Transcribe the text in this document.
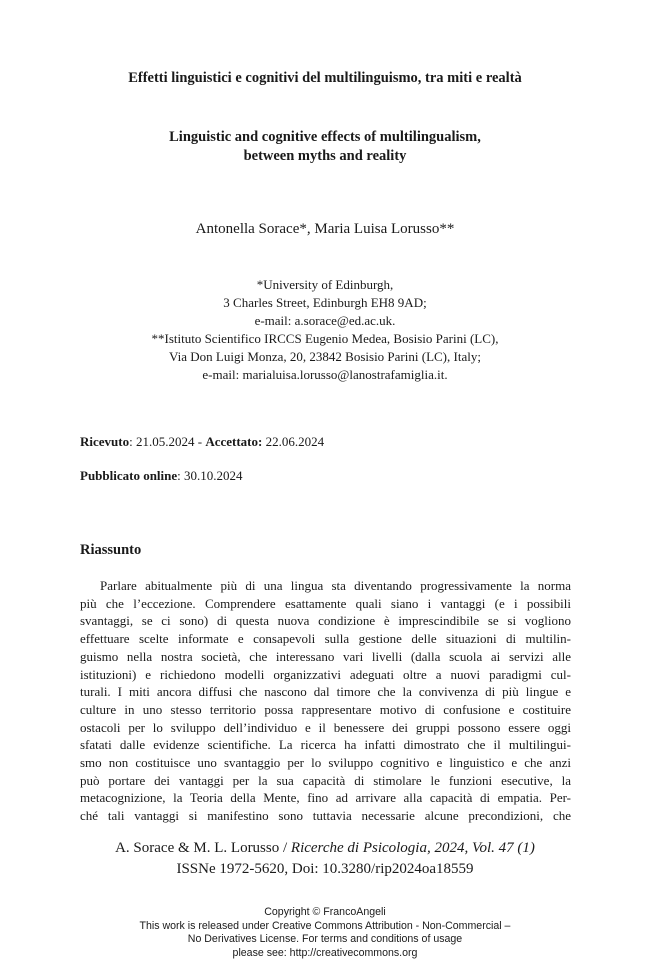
Effetti linguistici e cognitivi del multilinguismo, tra miti e realtà
Linguistic and cognitive effects of multilingualism,
between myths and reality
Antonella Sorace*, Maria Luisa Lorusso**
*University of Edinburgh,
3 Charles Street, Edinburgh EH8 9AD;
e-mail: a.sorace@ed.ac.uk.
**Istituto Scientifico IRCCS Eugenio Medea, Bosisio Parini (LC),
Via Don Luigi Monza, 20, 23842 Bosisio Parini (LC), Italy;
e-mail: marialuisa.lorusso@lanostrafamiglia.it.
Ricevuto: 21.05.2024 - Accettato: 22.06.2024
Pubblicato online: 30.10.2024
Riassunto
Parlare abitualmente più di una lingua sta diventando progressivamente la norma
più che l’eccezione. Comprendere esattamente quali siano i vantaggi (e i possibili
svantaggi, se ci sono) di questa nuova condizione è imprescindibile se si vogliono
effettuare scelte informate e consapevoli sulla gestione delle situazioni di multilin-
guismo nella nostra società, che interessano vari livelli (dalla scuola ai servizi alle
istituzioni) e richiedono modelli organizzativi adeguati oltre a nuovi paradigmi cul-
turali. I miti ancora diffusi che nascono dal timore che la convivenza di più lingue e
culture in uno stesso territorio possa rappresentare motivo di confusione e costituire
ostacoli per lo sviluppo dell’individuo e il benessere dei gruppi possono essere oggi
sfatati dalle evidenze scientifiche. La ricerca ha infatti dimostrato che il multilingui-
smo non costituisce uno svantaggio per lo sviluppo cognitivo e linguistico e che anzi
può portare dei vantaggi per la sua capacità di stimolare le funzioni esecutive, la
metacognizione, la Teoria della Mente, fino ad arrivare alla capacità di empatia. Per-
ché tali vantaggi si manifestino sono tuttavia necessarie alcune precondizioni, che
A. Sorace & M. L. Lorusso / Ricerche di Psicologia, 2024, Vol. 47 (1)
ISSNe 1972-5620, Doi: 10.3280/rip2024oa18559
Copyright © FrancoAngeli
This work is released under Creative Commons Attribution - Non-Commercial –
No Derivatives License. For terms and conditions of usage
please see: http://creativecommons.org
